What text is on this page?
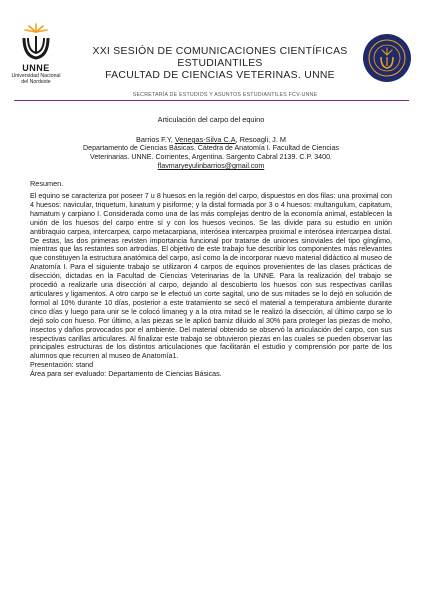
UNNE
Universidad Nacional
del Nordeste
XXI SESIÓN DE COMUNICACIONES CIENTÍFICAS
ESTUDIANTILES
FACULTAD DE CIENCIAS VETERINAS. UNNE
SECRETARÍA DE ESTUDIOS Y ASUNTOS ESTUDIANTILES FCV-UNNE
Articulación del carpo del equino
Barrios F.Y, Venegas-Silva C.A, Resoagli, J. M
Departamento de Ciencias Básicas. Cátedra de Anatomía I. Facultad de Ciencias
Veterinarias. UNNE. Corrientes, Argentina. Sargento Cabral 2139. C.P. 3400.
flavmaryeyulinbarrios@gmail.com
Resumen.
El equino se caracteriza por poseer 7 u 8 huesos en la región del carpo, dispuestos en dos filas: una proximal con 4 huesos: navicular, triquetum, lunatum y pisiforme; y la distal formada por 3 o 4 huesos: multangulum, capitatum, hamatum y carpiano I. Considerada como una de las más complejas dentro de la economía animal, establecen la unión de los huesos del carpo entre sí y con los huesos vecinos. Se las divide para su estudio en unión antibraquio carpea, intercarpea, carpo metacarpiana, interósea intercarpea proximal e interósea intercarpea distal. De estas, las dos primeras revisten importancia funcional por tratarse de uniones sinoviales del tipo gínglimo, mientras que las restantes son artrodias. El objetivo de este trabajo fue describir los componentes más relevantes que constituyen la estructura anatómica del carpo, así como la de incorporar nuevo material didáctico al museo de Anatomía I. Para el siguiente trabajo se utilizaron 4 carpos de equinos provenientes de las clases prácticas de disección, dictadas en la Facultad de Ciencias Veterinarias de la UNNE. Para la realización del trabajo se procedió a realizarle una disección al carpo, dejando al descubierto los huesos con sus respectivas carillas articulares y ligamentos. A otro carpo se le efectuó un corte sagital, uno de sus mitades se lo dejó en solución de formol al 10% durante 10 días, posterior a este tratamiento se secó el material a temperatura ambiente durante cinco días y luego para unir se le colocó limaneg y a la otra mitad se le realizó la disección, al último carpo se lo dejó solo con hueso. Por último, a las piezas se le aplicó barniz diluido al 30% para proteger las piezas de moho, insectos y daños provocados por el ambiente. Del material obtenido se observó la articulación del carpo, con sus respectivas carillas articulares. Al finalizar este trabajo se obtuvieron piezas en las cuales se pueden observar las principales estructuras de los distintos articulaciones que facilitarán el estudio y comprensión por parte de los alumnos que recurren al museo de Anatomía1.
Presentación: stand
Área para ser evaluado: Departamento de Ciencias Básicas.
